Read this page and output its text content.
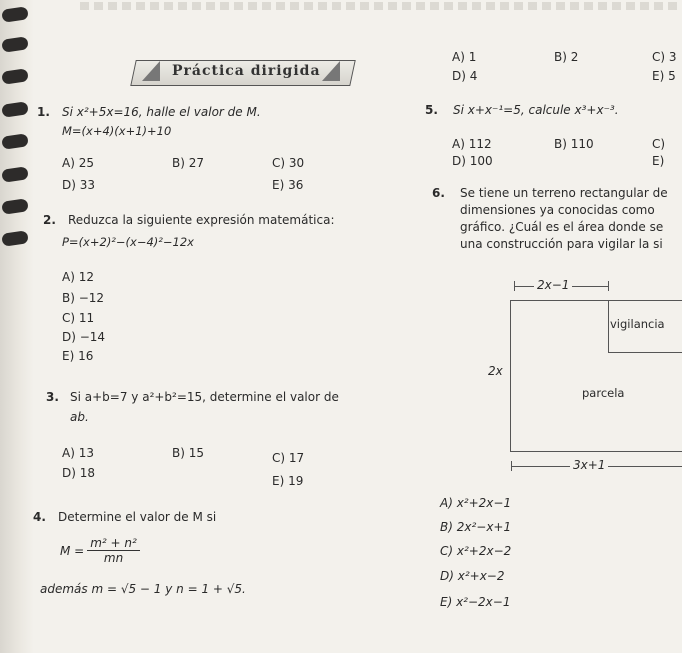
Práctica dirigida
1. Si x²+5x=16, halle el valor de M.
M=(x+4)(x+1)+10
A) 25	B) 27	C) 30
D) 33	E) 36
2. Reduzca la siguiente expresión matemática:
P=(x+2)²−(x−4)²−12x
A) 12
B) −12
C) 11
D) −14
E) 16
3. Si a+b=7 y a²+b²=15, determine el valor de
ab.
A) 13	B) 15	C) 17
D) 18
E) 19
4. Determine el valor de M si
$M = \frac{\text{m² + n²}}{mn}$
además m = √5 − 1 y n = 1 + √5.
A) 1	B) 2	C) 3
D) 4	E) 5
5. Si x+x⁻¹=5, calcule x³+x⁻³.
A) 112	B) 110	C)
D) 100	E)
6. Se tiene un terreno rectangular de
dimensiones ya conocidas como
gráfico. ¿Cuál es el área donde se
una construcción para vigilar la si
2x−1
vigilancia
parcela
2x
3x+1
A) x²+2x−1
B) 2x²−x+1
C) x²+2x−2
D) x²+x−2
E) x²−2x−1
